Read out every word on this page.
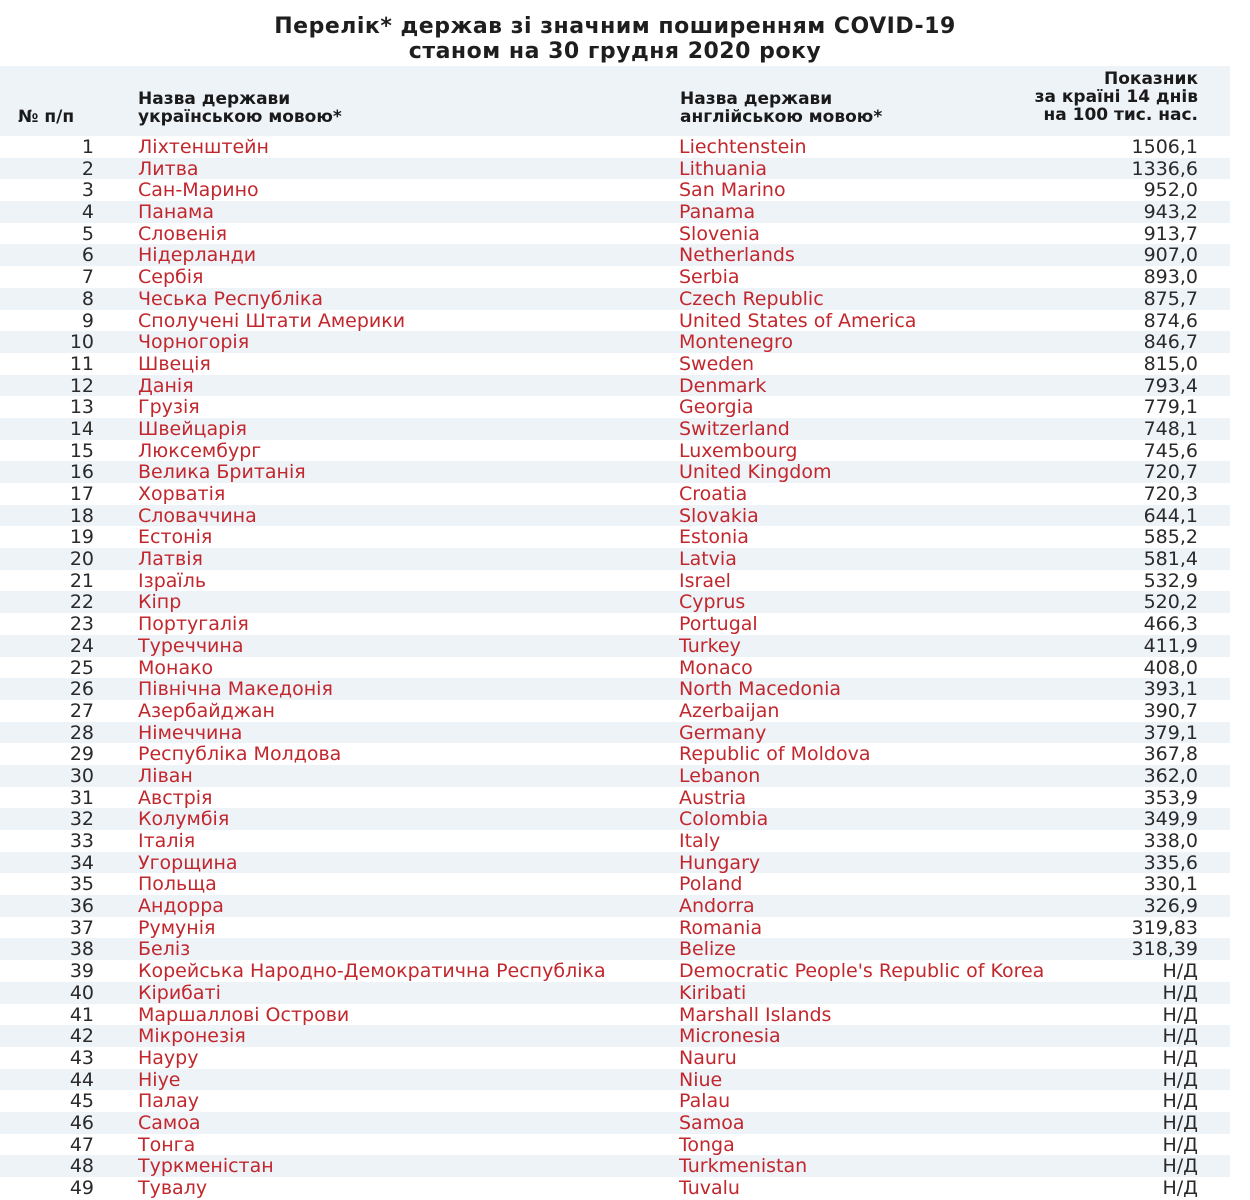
Перелік* держав зі значним поширенням COVID-19
станом на 30 грудня 2020 року
№ п/п
Назва держави
українською мовою*
Назва держави
англійською мовою*
Показник
за країні 14 днів
на 100 тис. нас.
1 Ліхтенштейн	Liechtenstein	1506,1
2 Литва	Lithuania	1336,6
3 Сан-Марино	San Marino	952,0
4 Панама	Panama	943,2
5 Словенія	Slovenia	913,7
6 Нідерланди	Netherlands	907,0
7 Сербія	Serbia	893,0
8 Чеська Республіка	Czech Republic	875,7
9 Сполучені Штати Америки	United States of America	874,6
10 Чорногорія	Montenegro	846,7
11 Швеція	Sweden	815,0
12 Данія	Denmark	793,4
13 Грузія	Georgia	779,1
14 Швейцарія	Switzerland	748,1
15 Люксембург	Luxembourg	745,6
16 Велика Британія	United Kingdom	720,7
17 Хорватія	Croatia	720,3
18 Словаччина	Slovakia	644,1
19 Естонія	Estonia	585,2
20 Латвія	Latvia	581,4
21 Ізраїль	Israel	532,9
22 Кіпр	Cyprus	520,2
23 Португалія	Portugal	466,3
24 Туреччина	Turkey	411,9
25 Монако	Monaco	408,0
26 Північна Македонія	North Macedonia	393,1
27 Азербайджан	Azerbaijan	390,7
28 Німеччина	Germany	379,1
29 Республіка Молдова	Republic of Moldova	367,8
30 Ліван	Lebanon	362,0
31 Австрія	Austria	353,9
32 Колумбія	Colombia	349,9
33 Італія	Italy	338,0
34 Угорщина	Hungary	335,6
35 Польща	Poland	330,1
36 Андорра	Andorra	326,9
37 Румунія	Romania	319,83
38 Беліз	Belize	318,39
39 Корейська Народно-Демократична Республіка	Democratic People's Republic of Korea	Н/Д
40 Кірибаті	Kiribati	Н/Д
41 Маршаллові Острови	Marshall Islands	Н/Д
42 Мікронезія	Micronesia	Н/Д
43 Науру	Nauru	Н/Д
44 Ніуе	Niue	Н/Д
45 Палау	Palau	Н/Д
46 Самоа	Samoa	Н/Д
47 Тонга	Tonga	Н/Д
48 Туркменістан	Turkmenistan	Н/Д
49 Тувалу	Tuvalu	Н/Д
